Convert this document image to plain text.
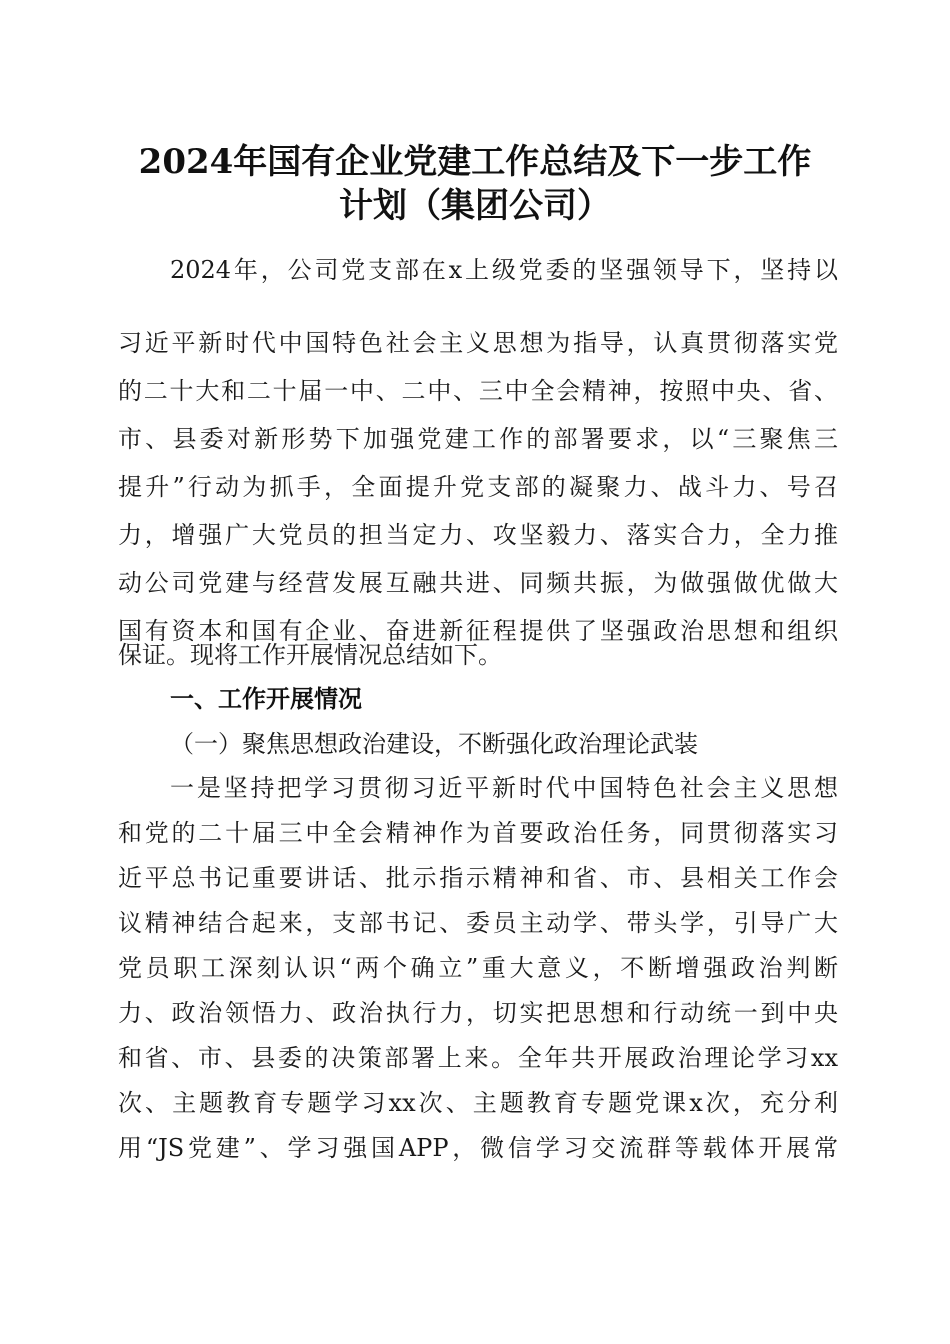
2024年国有企业党建工作总结及下一步工作
计划（集团公司）
2024年，公司党支部在x上级党委的坚强领导下，坚持以
习近平新时代中国特色社会主义思想为指导，认真贯彻落实党
的二十大和二十届一中、二中、三中全会精神，按照中央、省、
市、县委对新形势下加强党建工作的部署要求，以“三聚焦三
提升”行动为抓手，全面提升党支部的凝聚力、战斗力、号召
力，增强广大党员的担当定力、攻坚毅力、落实合力，全力推
动公司党建与经营发展互融共进、同频共振，为做强做优做大
国有资本和国有企业、奋进新征程提供了坚强政治思想和组织
保证。现将工作开展情况总结如下。
一、工作开展情况
（一）聚焦思想政治建设，不断强化政治理论武装
一是坚持把学习贯彻习近平新时代中国特色社会主义思想
和党的二十届三中全会精神作为首要政治任务，同贯彻落实习
近平总书记重要讲话、批示指示精神和省、市、县相关工作会
议精神结合起来，支部书记、委员主动学、带头学，引导广大
党员职工深刻认识“两个确立”重大意义，不断增强政治判断
力、政治领悟力、政治执行力，切实把思想和行动统一到中央
和省、市、县委的决策部署上来。全年共开展政治理论学习xx
次、主题教育专题学习xx次、主题教育专题党课x次，充分利
用“JS党建”、学习强国APP，微信学习交流群等载体开展常
